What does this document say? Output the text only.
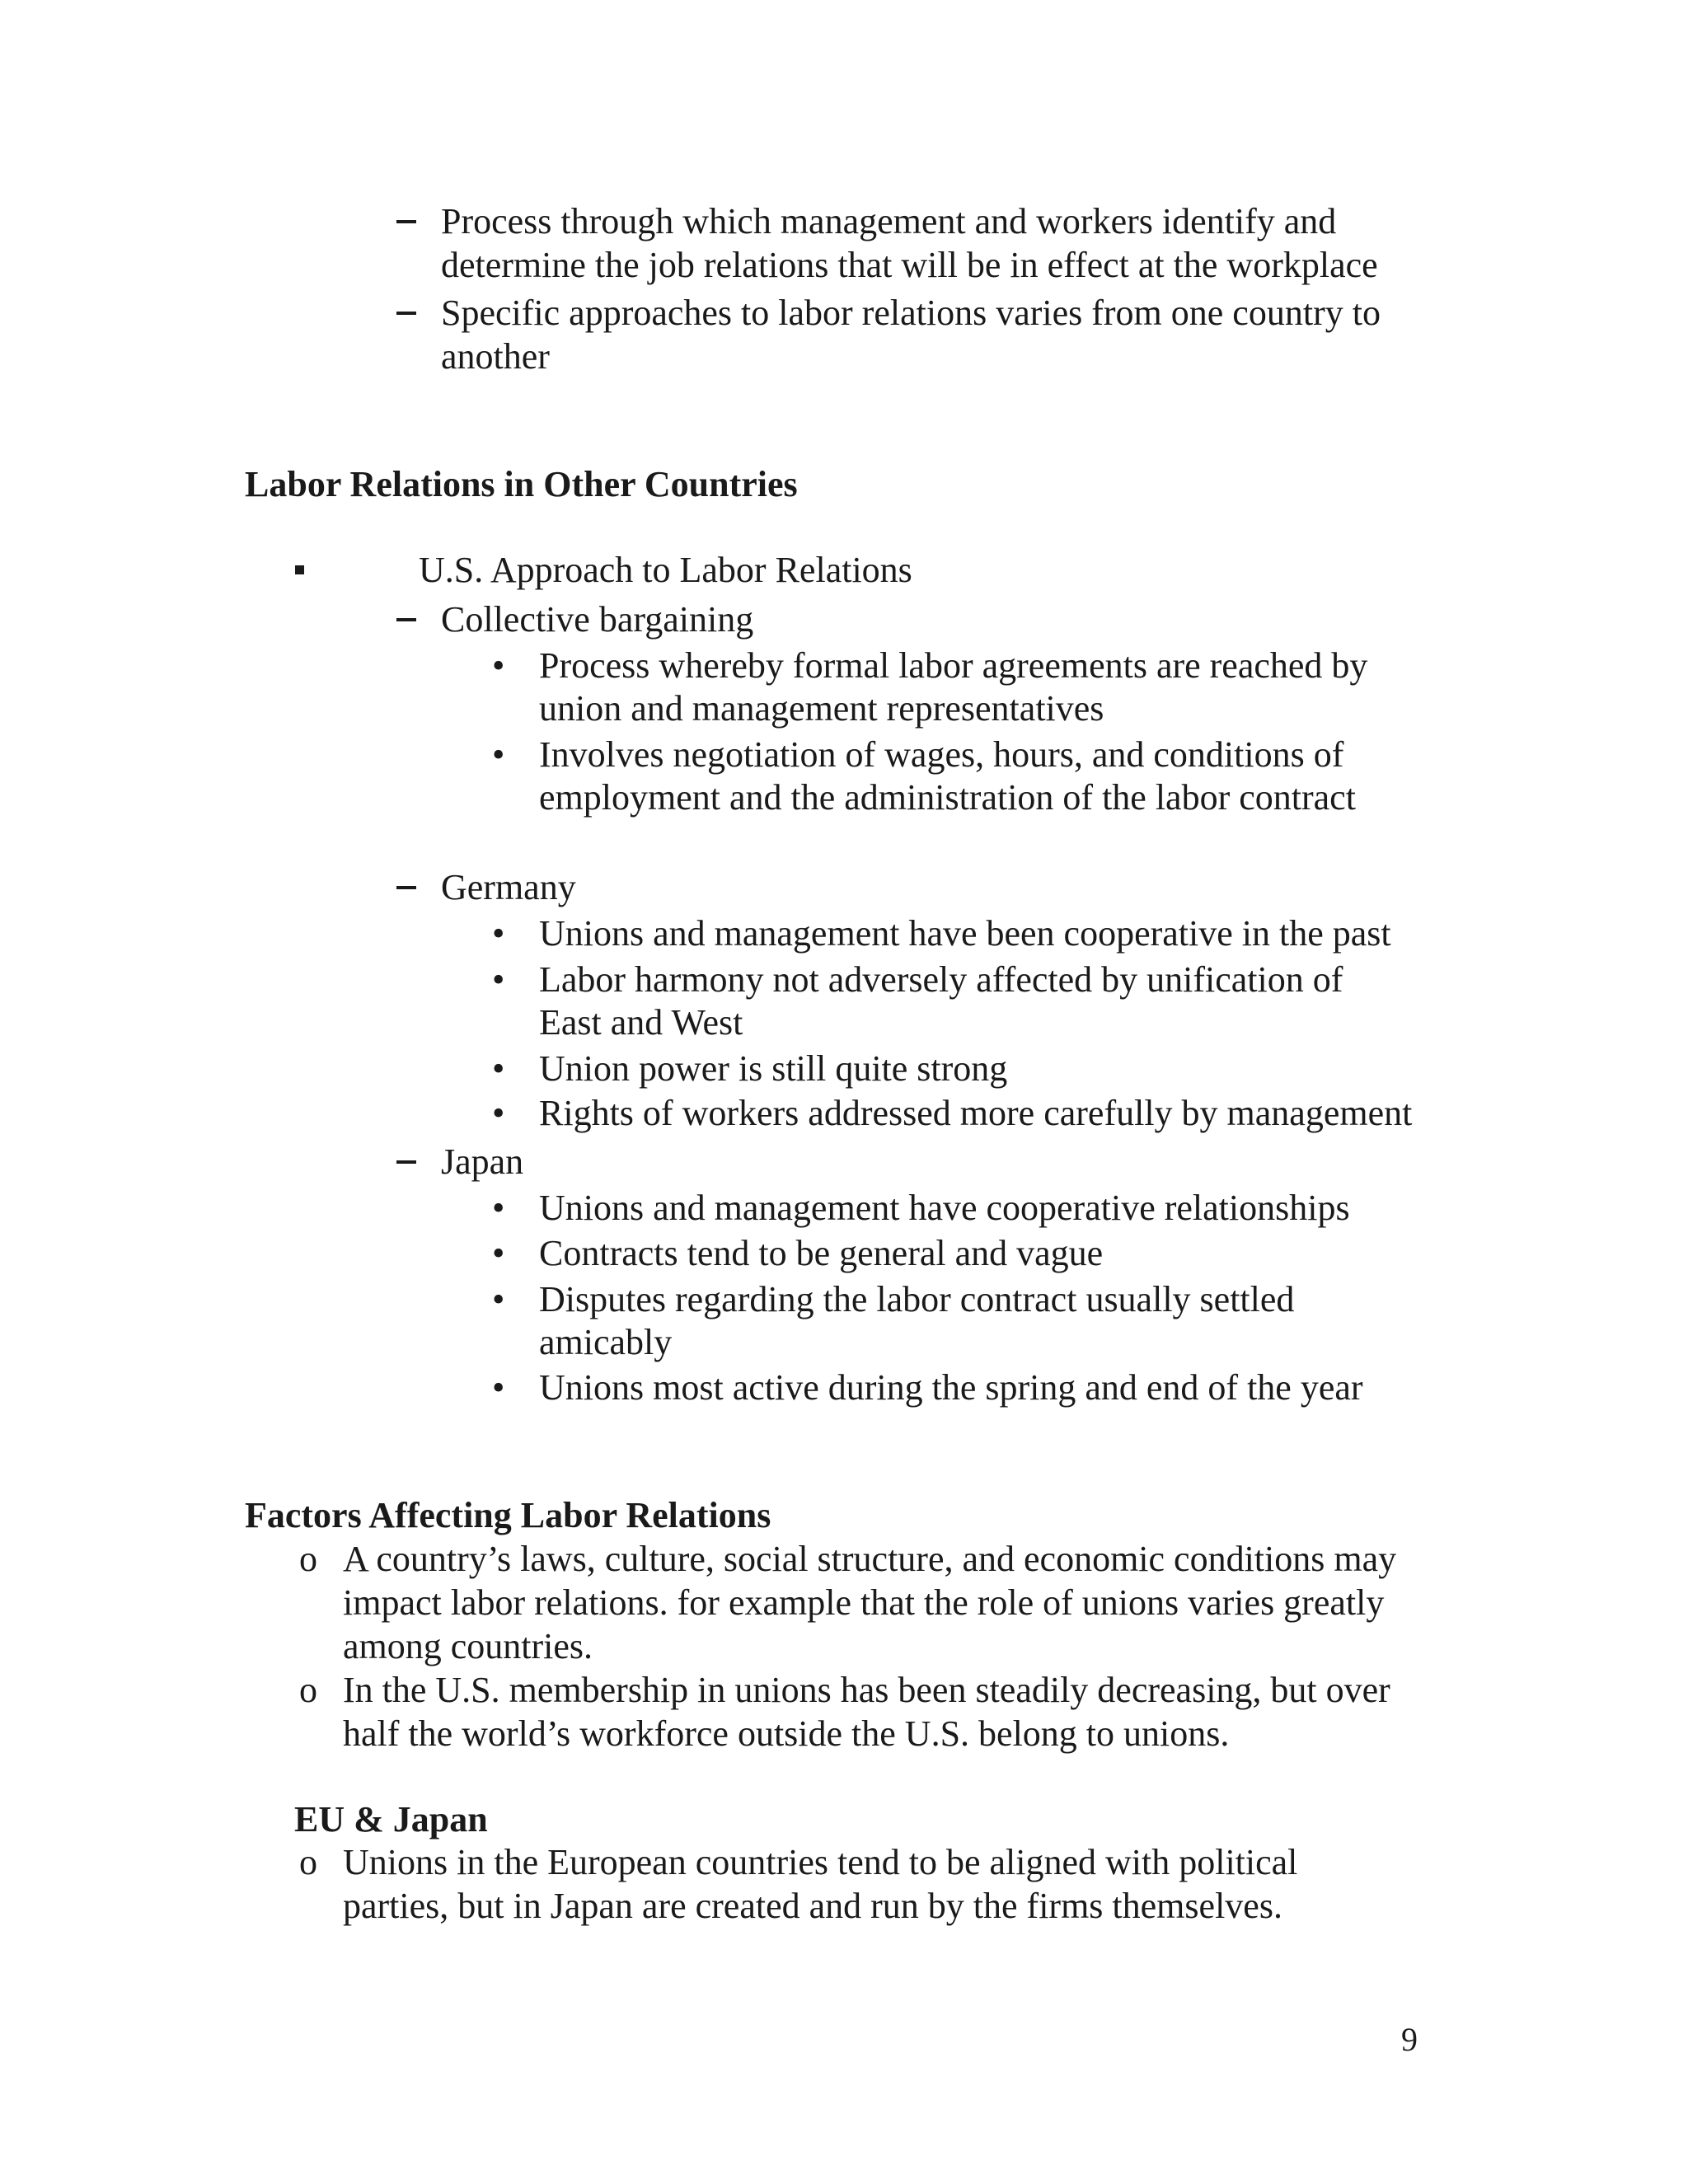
Process through which management and workers identify and
determine the job relations that will be in effect at the workplace
Specific approaches to labor relations varies from one country to
another
Labor Relations in Other Countries
U.S. Approach to Labor Relations
Collective bargaining
• Process whereby formal labor agreements are reached by
union and management representatives
• Involves negotiation of wages, hours, and conditions of
employment and the administration of the labor contract
Germany
• Unions and management have been cooperative in the past
• Labor harmony not adversely affected by unification of
East and West
• Union power is still quite strong
• Rights of workers addressed more carefully by management
Japan
• Unions and management have cooperative relationships
• Contracts tend to be general and vague
• Disputes regarding the labor contract usually settled
amicably
• Unions most active during the spring and end of the year
Factors Affecting Labor Relations
o A country’s laws, culture, social structure, and economic conditions may
impact labor relations. for example that the role of unions varies greatly
among countries.
o In the U.S. membership in unions has been steadily decreasing, but over
half the world’s workforce outside the U.S. belong to unions.
EU & Japan
o Unions in the European countries tend to be aligned with political
parties, but in Japan are created and run by the firms themselves.
9
